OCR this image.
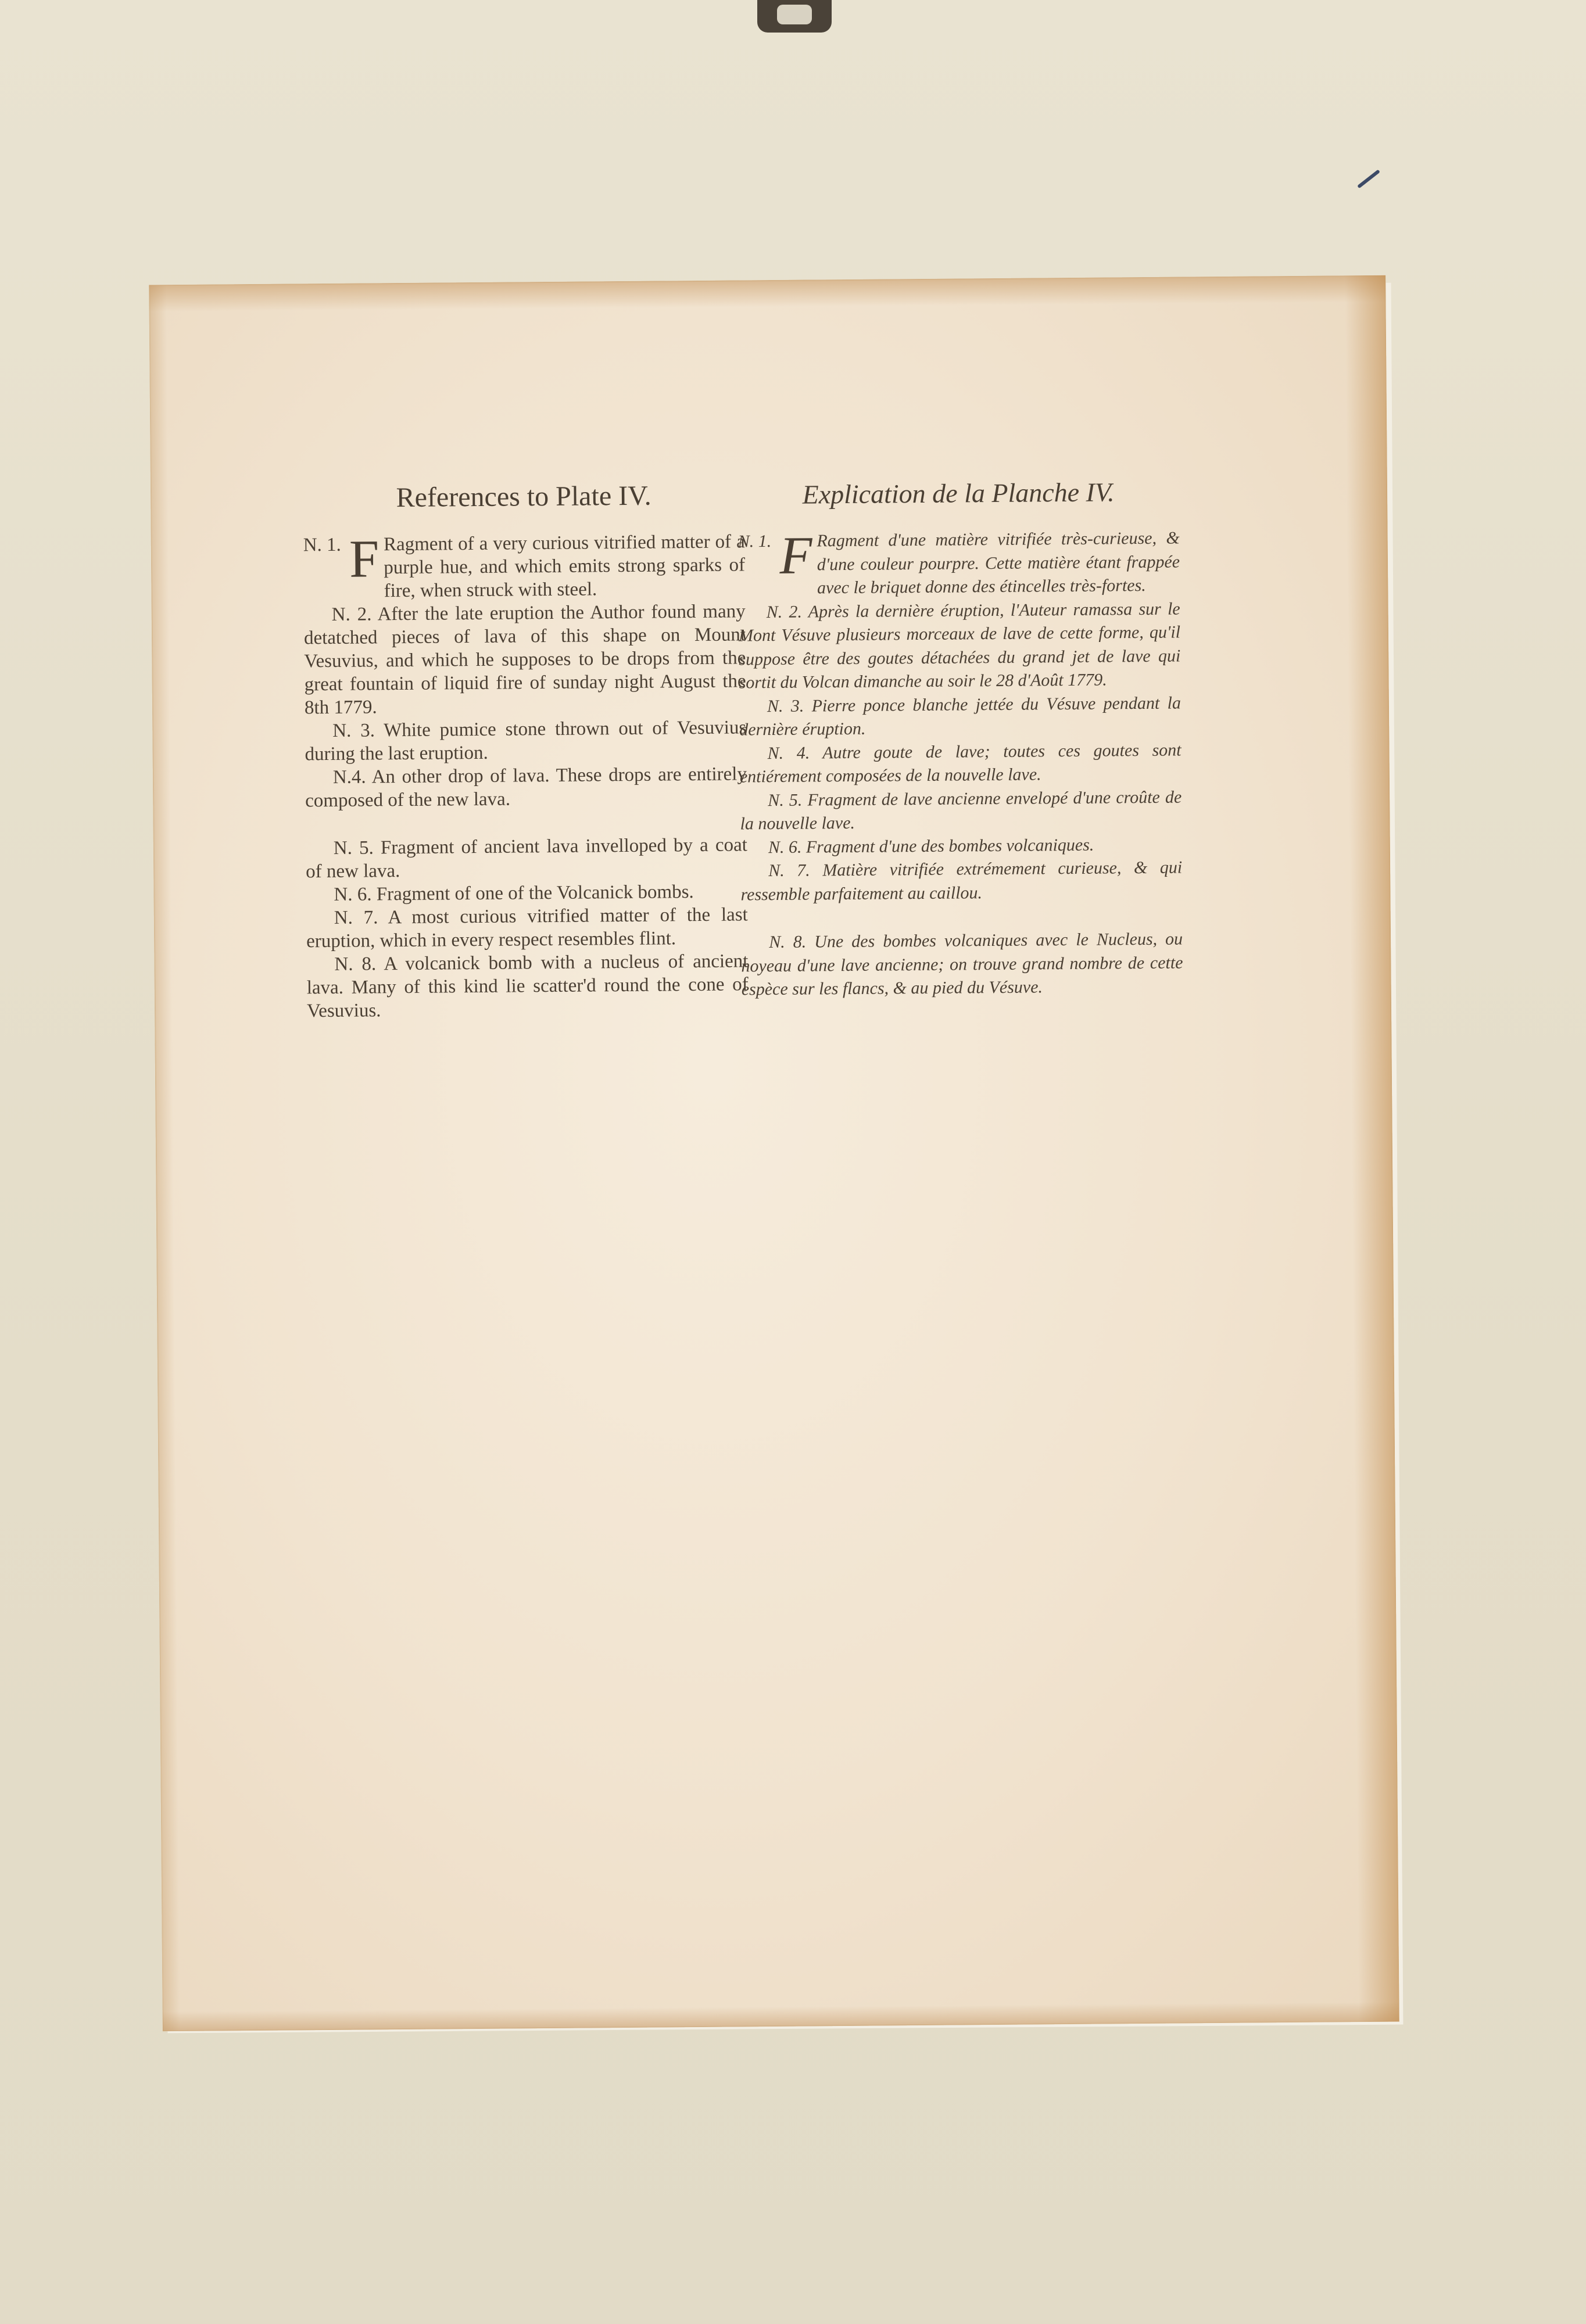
References to Plate IV.

N. 1. F Ragment of a very curious vitrified matter of a purple hue, and which emits strong sparks of fire, when struck with steel.

N. 2. After the late eruption the Author found many detatched pieces of lava of this shape on Mount Vesuvius, and which he supposes to be drops from the great fountain of liquid fire of sunday night August the 8th 1779.

N. 3. White pumice stone thrown out of Vesuvius during the last eruption.

N.4. An other drop of lava. These drops are entirely composed of the new lava.

N. 5. Fragment of ancient lava invelloped by a coat of new lava.

N. 6. Fragment of one of the Volcanick bombs.

N. 7. A most curious vitrified matter of the last eruption, which in every respect resembles flint.

N. 8. A volcanick bomb with a nucleus of ancient lava. Many of this kind lie scatter'd round the cone of Vesuvius.

Explication de la Planche IV.

N. 1. F Ragment d'une matière vitrifiée très-curieuse, & d'une couleur pourpre. Cette matière étant frappée avec le briquet donne des étincelles très-fortes.

N. 2. Après la dernière éruption, l'Auteur ramassa sur le Mont Vésuve plusieurs morceaux de lave de cette forme, qu'il suppose être des goutes détachées du grand jet de lave qui sortit du Volcan dimanche au soir le 28 d'Août 1779.

N. 3. Pierre ponce blanche jettée du Vésuve pendant la dernière éruption.

N. 4. Autre goute de lave; toutes ces goutes sont entiérement composées de la nouvelle lave.

N. 5. Fragment de lave ancienne envelopé d'une croûte de la nouvelle lave.

N. 6. Fragment d'une des bombes volcaniques.

N. 7. Matière vitrifiée extrémement curieuse, & qui ressemble parfaitement au caillou.

N. 8. Une des bombes volcaniques avec le Nucleus, ou noyeau d'une lave ancienne; on trouve grand nombre de cette espèce sur les flancs, & au pied du Vésuve.
